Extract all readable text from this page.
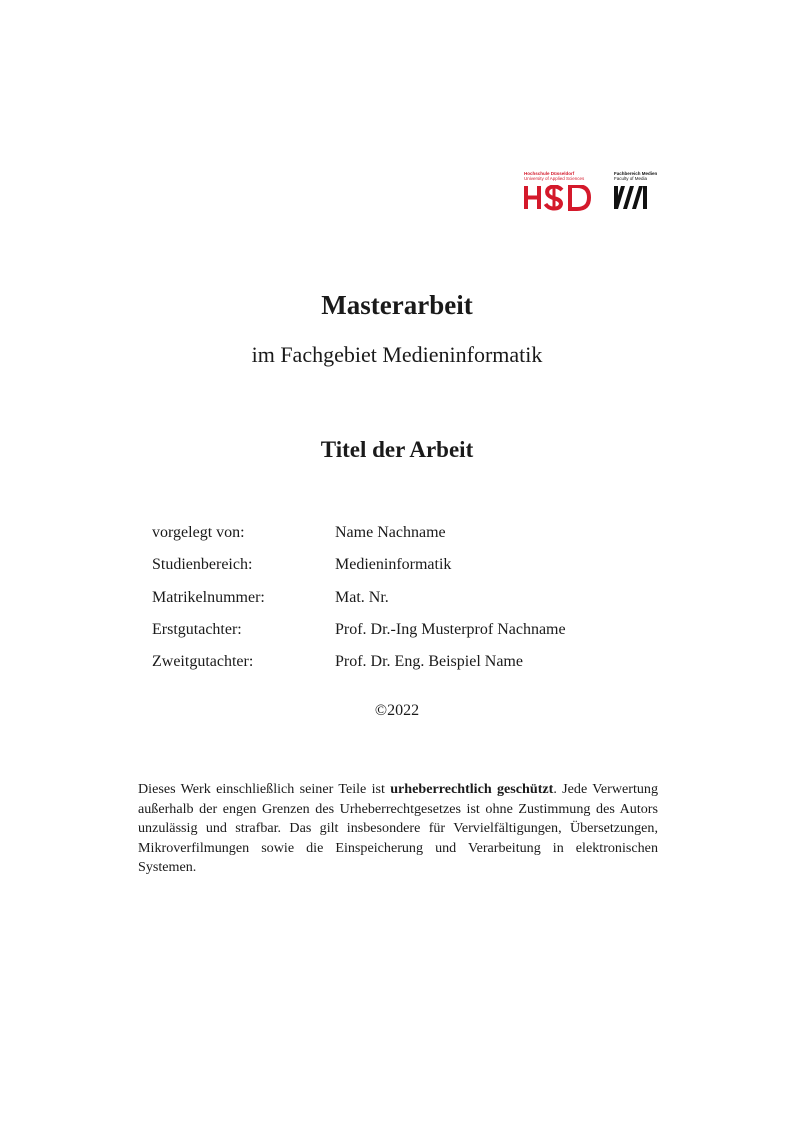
Hochschule Düsseldorf
University of Applied Sciences
Fachbereich Medien
Faculty of Media
Masterarbeit
im Fachgebiet Medieninformatik
Titel der Arbeit
vorgelegt von:	Name Nachname
Studienbereich:	Medieninformatik
Matrikelnummer:	Mat. Nr.
Erstgutachter:	Prof. Dr.-Ing Musterprof Nachname
Zweitgutachter:	Prof. Dr. Eng. Beispiel Name
©2022
Dieses Werk einschließlich seiner Teile ist urheberrechtlich geschützt. Jede Verwertung außerhalb der engen Grenzen des Urheberrechtgesetzes ist ohne Zustimmung des Autors unzulässig und strafbar. Das gilt insbesondere für Vervielfältigungen, Übersetzungen, Mikroverfilmungen sowie die Einspeicherung und Verarbeitung in elektronischen Systemen.
